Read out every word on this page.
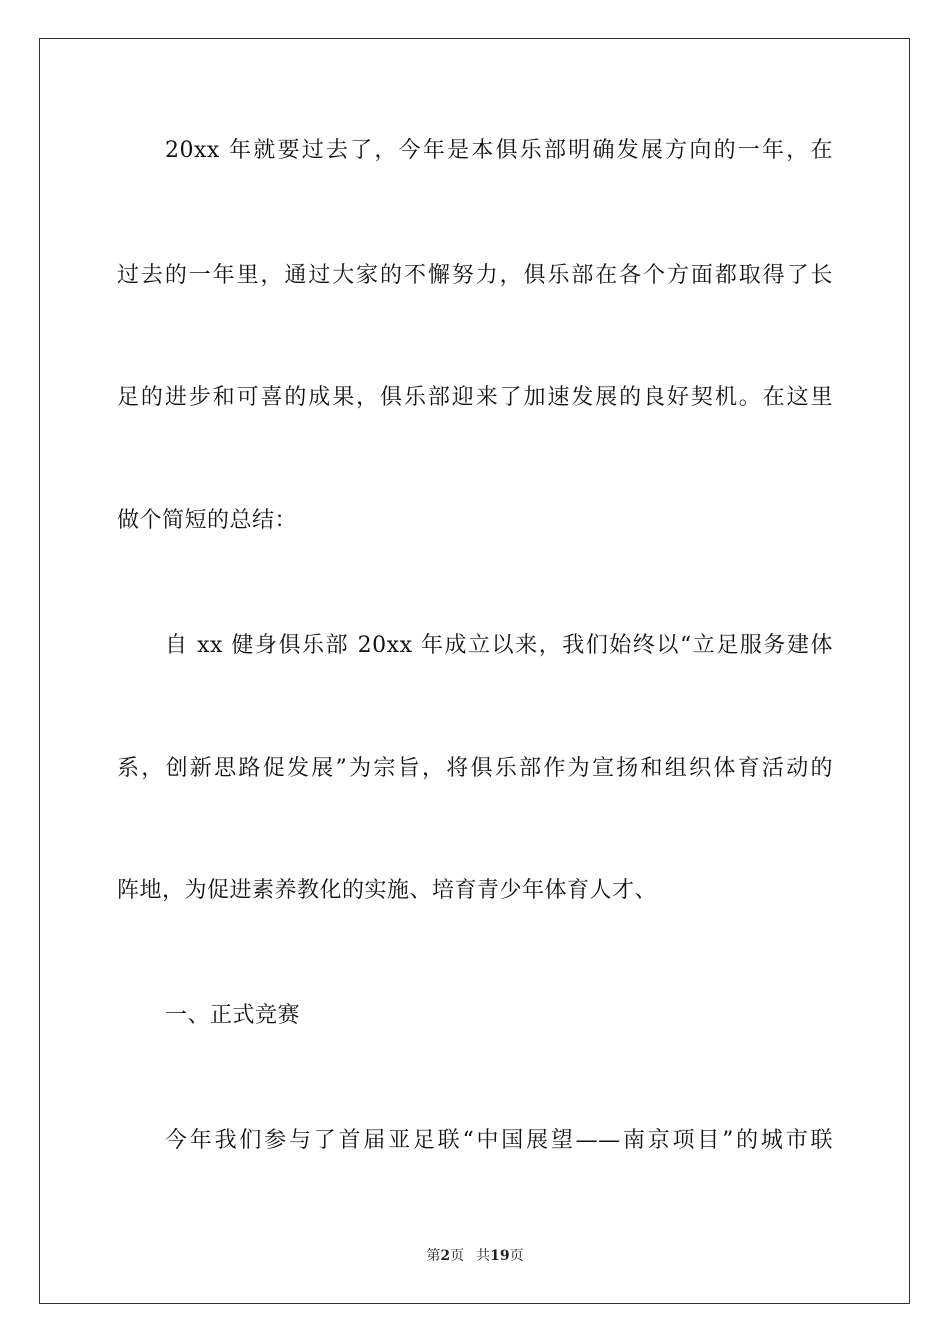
20xx 年就要过去了，今年是本俱乐部明确发展方向的一年，在
过去的一年里，通过大家的不懈努力，俱乐部在各个方面都取得了长
足的进步和可喜的成果，俱乐部迎来了加速发展的良好契机。在这里
做个简短的总结：
自 xx 健身俱乐部 20xx 年成立以来，我们始终以“立足服务建体
系，创新思路促发展”为宗旨，将俱乐部作为宣扬和组织体育活动的
阵地，为促进素养教化的实施、培育青少年体育人才、
一、正式竞赛
今年我们参与了首届亚足联“中国展望——南京项目”的城市联
第2页 共19页
